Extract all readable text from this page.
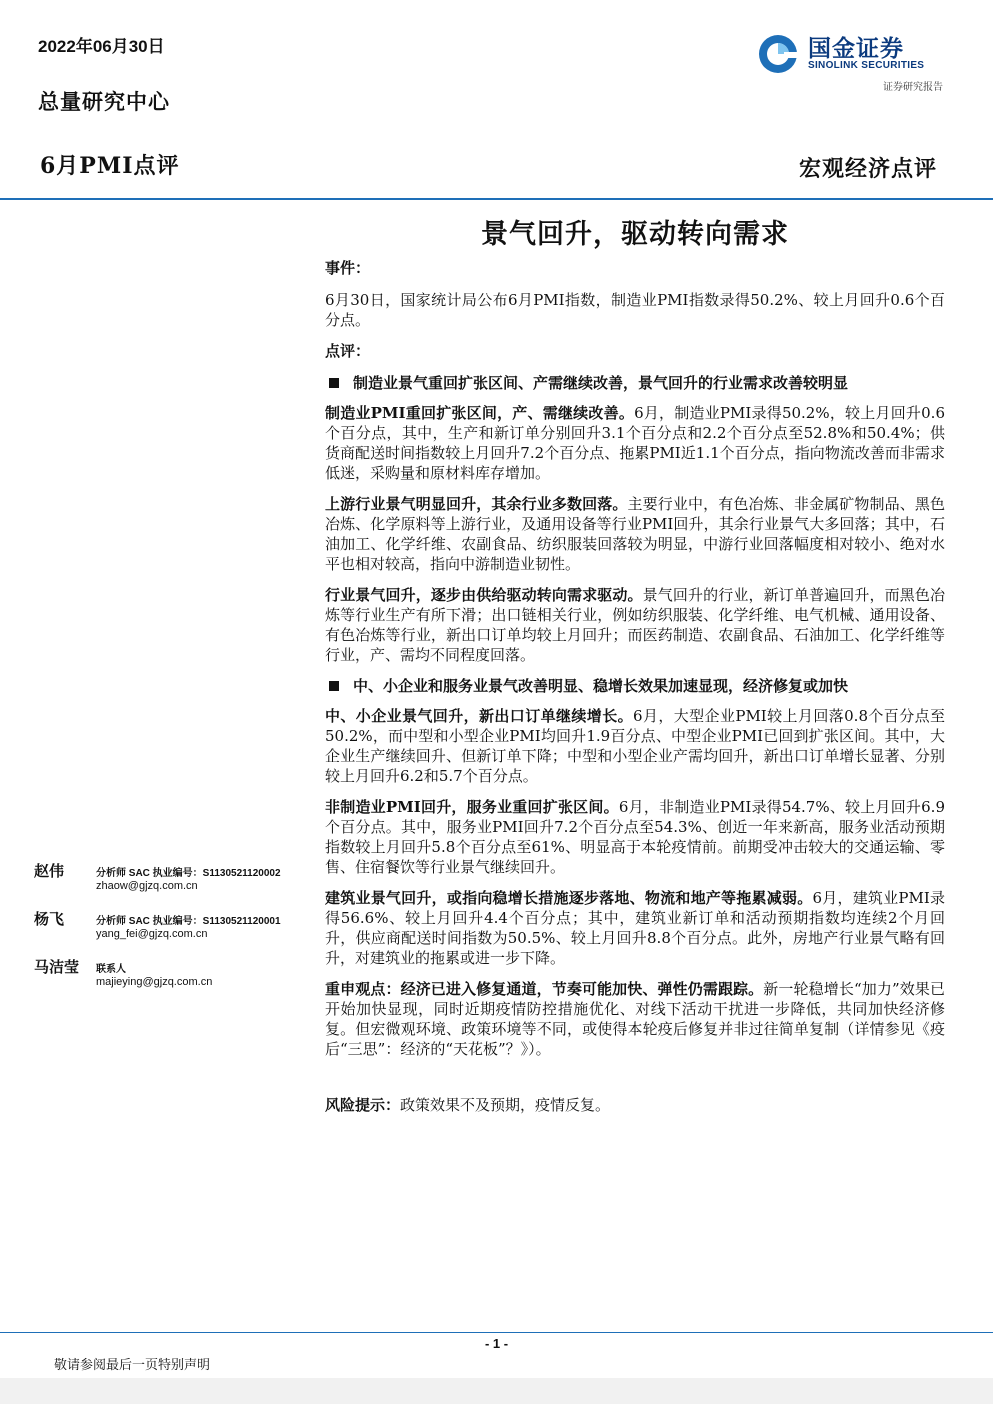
2022年06月30日
总量研究中心
6月PMI点评	宏观经济点评
国金证券
SINOLINK SECURITIES
证券研究报告
景气回升，驱动转向需求

事件：

6月30日，国家统计局公布6月PMI指数，制造业PMI指数录得50.2%、较上月回升0.6个百分点。

点评：

制造业景气重回扩张区间、产需继续改善，景气回升的行业需求改善较明显

制造业PMI重回扩张区间，产、需继续改善。6月，制造业PMI录得50.2%，较上月回升0.6个百分点，其中，生产和新订单分别回升3.1个百分点和2.2个百分点至52.8%和50.4%；供货商配送时间指数较上月回升7.2个百分点、拖累PMI近1.1个百分点，指向物流改善而非需求低迷，采购量和原材料库存增加。

上游行业景气明显回升，其余行业多数回落。主要行业中，有色冶炼、非金属矿物制品、黑色冶炼、化学原料等上游行业，及通用设备等行业PMI回升，其余行业景气大多回落；其中，石油加工、化学纤维、农副食品、纺织服装回落较为明显，中游行业回落幅度相对较小、绝对水平也相对较高，指向中游制造业韧性。

行业景气回升，逐步由供给驱动转向需求驱动。景气回升的行业，新订单普遍回升，而黑色冶炼等行业生产有所下滑；出口链相关行业，例如纺织服装、化学纤维、电气机械、通用设备、有色冶炼等行业，新出口订单均较上月回升；而医药制造、农副食品、石油加工、化学纤维等行业，产、需均不同程度回落。

中、小企业和服务业景气改善明显、稳增长效果加速显现，经济修复或加快

中、小企业景气回升，新出口订单继续增长。6月，大型企业PMI较上月回落0.8个百分点至50.2%，而中型和小型企业PMI均回升1.9百分点、中型企业PMI已回到扩张区间。其中，大企业生产继续回升、但新订单下降；中型和小型企业产需均回升，新出口订单增长显著、分别较上月回升6.2和5.7个百分点。

非制造业PMI回升，服务业重回扩张区间。6月，非制造业PMI录得54.7%、较上月回升6.9个百分点。其中，服务业PMI回升7.2个百分点至54.3%、创近一年来新高，服务业活动预期指数较上月回升5.8个百分点至61%、明显高于本轮疫情前。前期受冲击较大的交通运输、零售、住宿餐饮等行业景气继续回升。

建筑业景气回升，或指向稳增长措施逐步落地、物流和地产等拖累减弱。6月，建筑业PMI录得56.6%、较上月回升4.4个百分点；其中，建筑业新订单和活动预期指数均连续2个月回升，供应商配送时间指数为50.5%、较上月回升8.8个百分点。此外，房地产行业景气略有回升，对建筑业的拖累或进一步下降。

重申观点：经济已进入修复通道，节奏可能加快、弹性仍需跟踪。新一轮稳增长“加力”效果已开始加快显现，同时近期疫情防控措施优化、对线下活动干扰进一步降低，共同加快经济修复。但宏微观环境、政策环境等不同，或使得本轮疫后修复并非过往简单复制（详情参见《疫后“三思”：经济的“天花板”？》）。

风险提示：政策效果不及预期，疫情反复。

赵伟	分析师 SAC 执业编号：S1130521120002
zhaow@gjzq.com.cn
杨飞	分析师 SAC 执业编号：S1130521120001
yang_fei@gjzq.com.cn
马洁莹 联系人
majieying@gjzq.com.cn
- 1 -
敬请参阅最后一页特别声明
